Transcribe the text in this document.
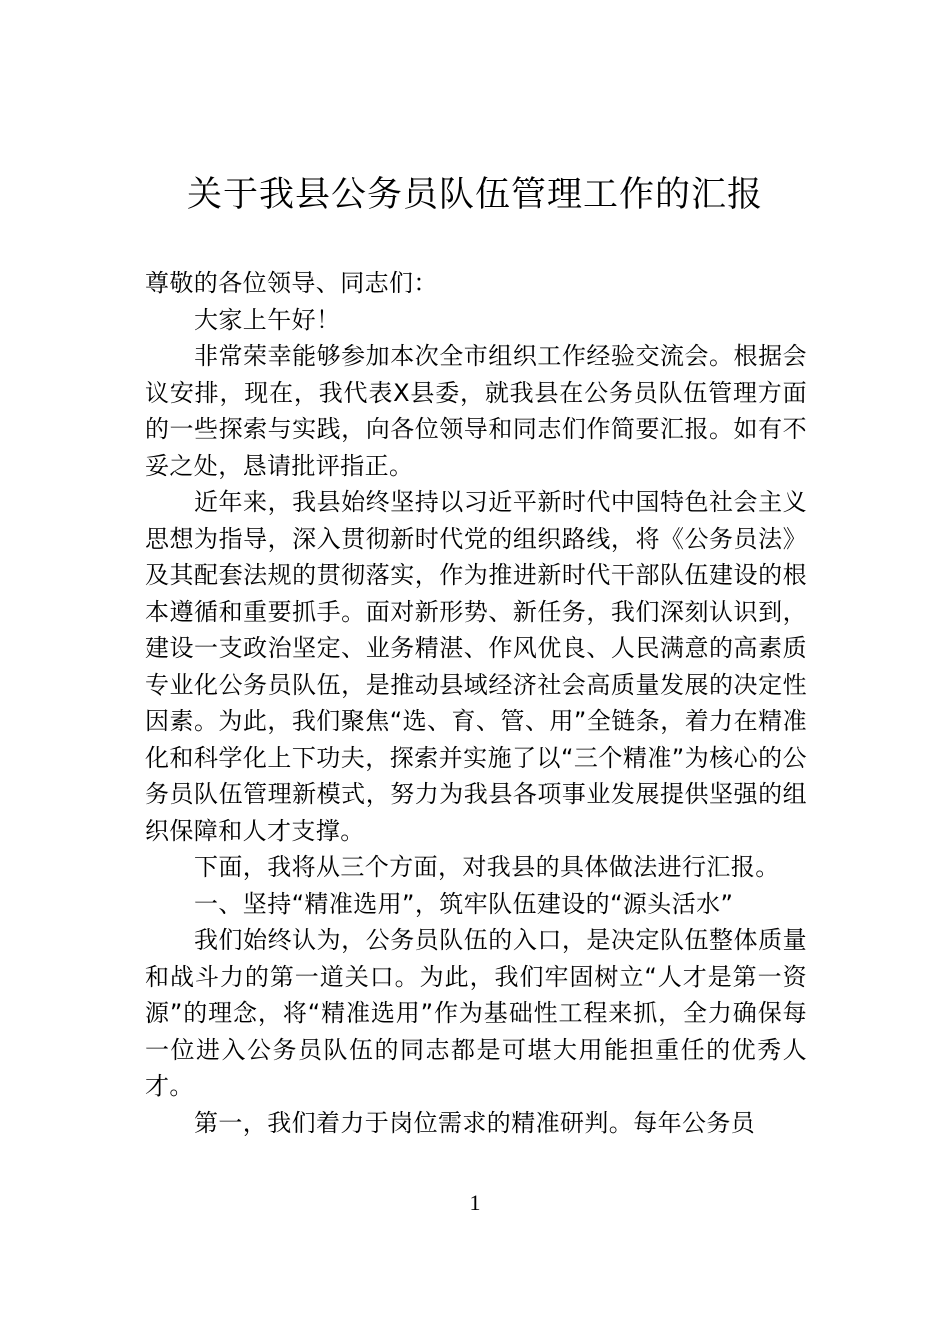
关于我县公务员队伍管理工作的汇报

尊敬的各位领导、同志们：

大家上午好！

非常荣幸能够参加本次全市组织工作经验交流会。根据会议安排，现在，我代表X县委，就我县在公务员队伍管理方面的一些探索与实践，向各位领导和同志们作简要汇报。如有不妥之处，恳请批评指正。

近年来，我县始终坚持以习近平新时代中国特色社会主义思想为指导，深入贯彻新时代党的组织路线，将《公务员法》及其配套法规的贯彻落实，作为推进新时代干部队伍建设的根本遵循和重要抓手。面对新形势、新任务，我们深刻认识到，建设一支政治坚定、业务精湛、作风优良、人民满意的高素质专业化公务员队伍，是推动县域经济社会高质量发展的决定性因素。为此，我们聚焦“选、育、管、用”全链条，着力在精准化和科学化上下功夫，探索并实施了以“三个精准”为核心的公务员队伍管理新模式，努力为我县各项事业发展提供坚强的组织保障和人才支撑。

下面，我将从三个方面，对我县的具体做法进行汇报。

一、坚持“精准选用”，筑牢队伍建设的“源头活水”

我们始终认为，公务员队伍的入口，是决定队伍整体质量和战斗力的第一道关口。为此，我们牢固树立“人才是第一资源”的理念，将“精准选用”作为基础性工程来抓，全力确保每一位进入公务员队伍的同志都是可堪大用能担重任的优秀人才。

第一，我们着力于岗位需求的精准研判。每年公务员

1
